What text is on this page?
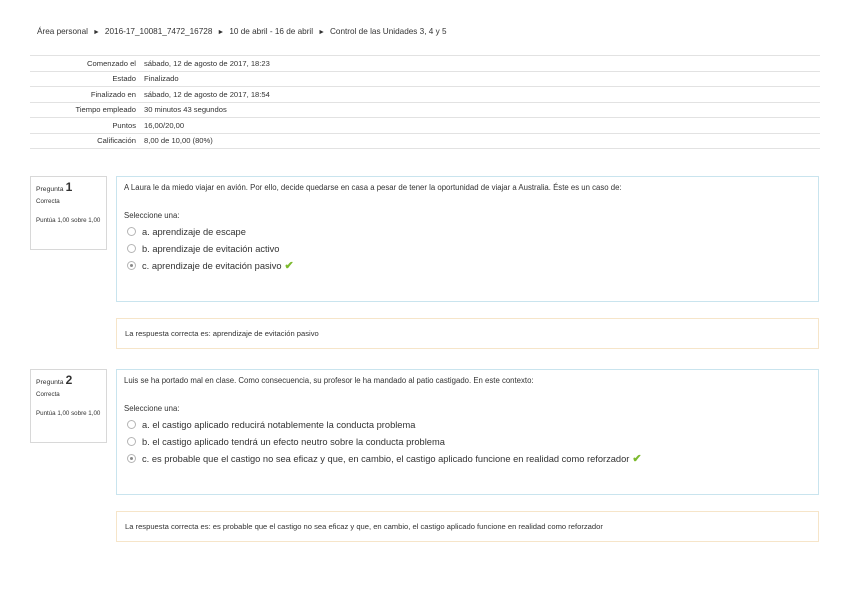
Área personal ► 2016-17_10081_7472_16728 ► 10 de abril - 16 de abril ► Control de las Unidades 3, 4 y 5
Comenzado el	sábado, 12 de agosto de 2017, 18:23
Estado	Finalizado
Finalizado en	sábado, 12 de agosto de 2017, 18:54
Tiempo empleado	30 minutos 43 segundos
Puntos	16,00/20,00
Calificación	8,00 de 10,00 (80%)
Pregunta 1
Correcta
Puntúa 1,00 sobre 1,00
A Laura le da miedo viajar en avión. Por ello, decide quedarse en casa a pesar de tener la oportunidad de viajar a Australia. Éste es un caso de:
Seleccione una:
a. aprendizaje de escape
b. aprendizaje de evitación activo
c. aprendizaje de evitación pasivo ✔
La respuesta correcta es: aprendizaje de evitación pasivo
Pregunta 2
Correcta
Puntúa 1,00 sobre 1,00
Luis se ha portado mal en clase. Como consecuencia, su profesor le ha mandado al patio castigado. En este contexto:
Seleccione una:
a. el castigo aplicado reducirá notablemente la conducta problema
b. el castigo aplicado tendrá un efecto neutro sobre la conducta problema
c. es probable que el castigo no sea eficaz y que, en cambio, el castigo aplicado funcione en realidad como reforzador ✔
La respuesta correcta es: es probable que el castigo no sea eficaz y que, en cambio, el castigo aplicado funcione en realidad como reforzador
